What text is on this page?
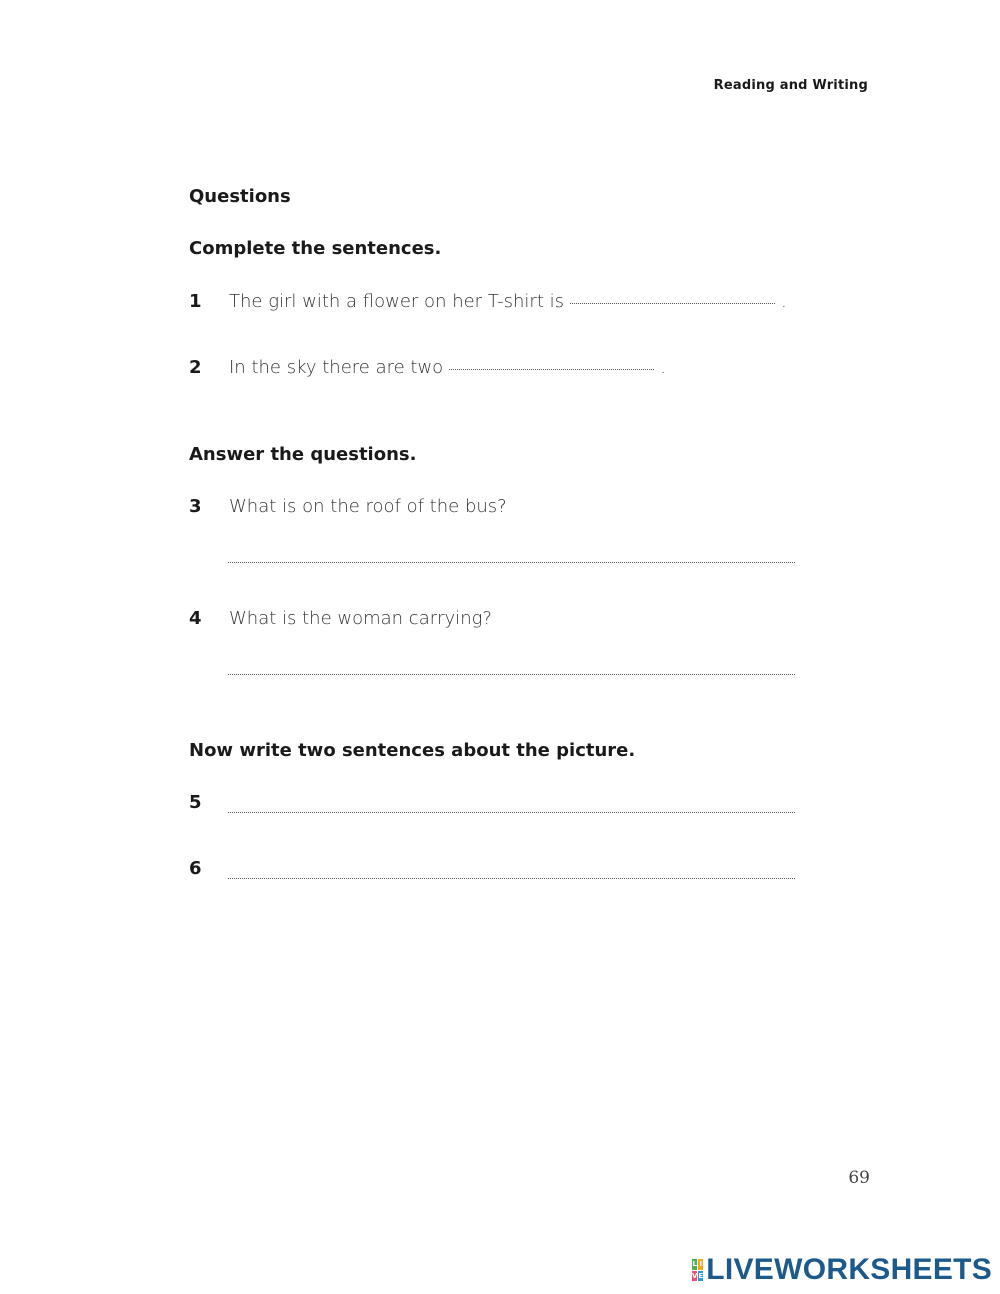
Reading and Writing
Questions
Complete the sentences.
1 The girl with a flower on her T-shirt is	.
2 In the sky there are two	.
Answer the questions.
3 What is on the roof of the bus?
4 What is the woman carrying?
Now write two sentences about the picture.
5
6
69
L I
V E LIVEWORKSHEETS
